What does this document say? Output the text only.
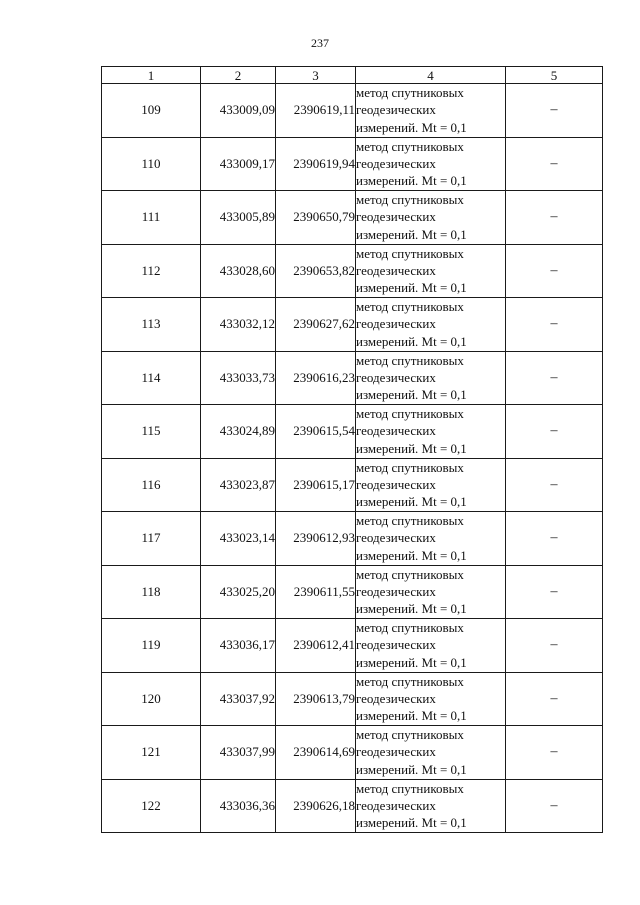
237
1	2	3	4	5
109	433009,09	2390619,11	метод спутниковых
геодезических
измерений. Mt = 0,1	–
110	433009,17	2390619,94	метод спутниковых
геодезических
измерений. Mt = 0,1	–
111	433005,89	2390650,79	метод спутниковых
геодезических
измерений. Mt = 0,1	–
112	433028,60	2390653,82	метод спутниковых
геодезических
измерений. Mt = 0,1	–
113	433032,12	2390627,62	метод спутниковых
геодезических
измерений. Mt = 0,1	–
114	433033,73	2390616,23	метод спутниковых
геодезических
измерений. Mt = 0,1	–
115	433024,89	2390615,54	метод спутниковых
геодезических
измерений. Mt = 0,1	–
116	433023,87	2390615,17	метод спутниковых
геодезических
измерений. Mt = 0,1	–
117	433023,14	2390612,93	метод спутниковых
геодезических
измерений. Mt = 0,1	–
118	433025,20	2390611,55	метод спутниковых
геодезических
измерений. Mt = 0,1	–
119	433036,17	2390612,41	метод спутниковых
геодезических
измерений. Mt = 0,1	–
120	433037,92	2390613,79	метод спутниковых
геодезических
измерений. Mt = 0,1	–
121	433037,99	2390614,69	метод спутниковых
геодезических
измерений. Mt = 0,1	–
122	433036,36	2390626,18	метод спутниковых
геодезических
измерений. Mt = 0,1	–
